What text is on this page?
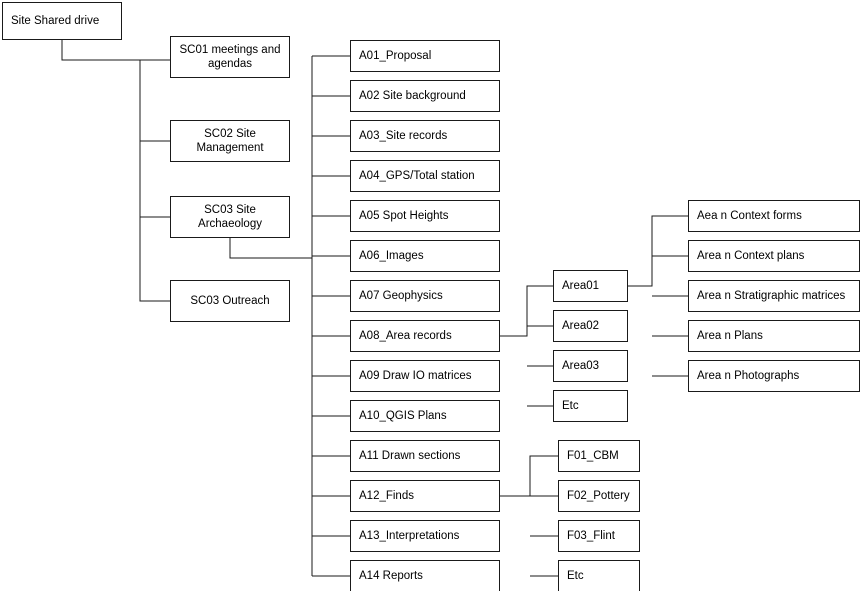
Site Shared drive
SC01 meetings and agendas
SC02 Site Management
SC03 Site Archaeology
SC03 Outreach
A01_Proposal
A02 Site background
A03_Site records
A04_GPS/Total station
A05 Spot Heights
A06_Images
A07 Geophysics
A08_Area records
A09 Draw IO matrices
A10_QGIS Plans
A11 Drawn sections
A12_Finds
A13_Interpretations
A14 Reports
Area01
Area02
Area03
Etc
F01_CBM
F02_Pottery
F03_Flint
Etc
Aea n Context forms
Area n Context plans
Area n Stratigraphic matrices
Area n Plans
Area n Photographs
